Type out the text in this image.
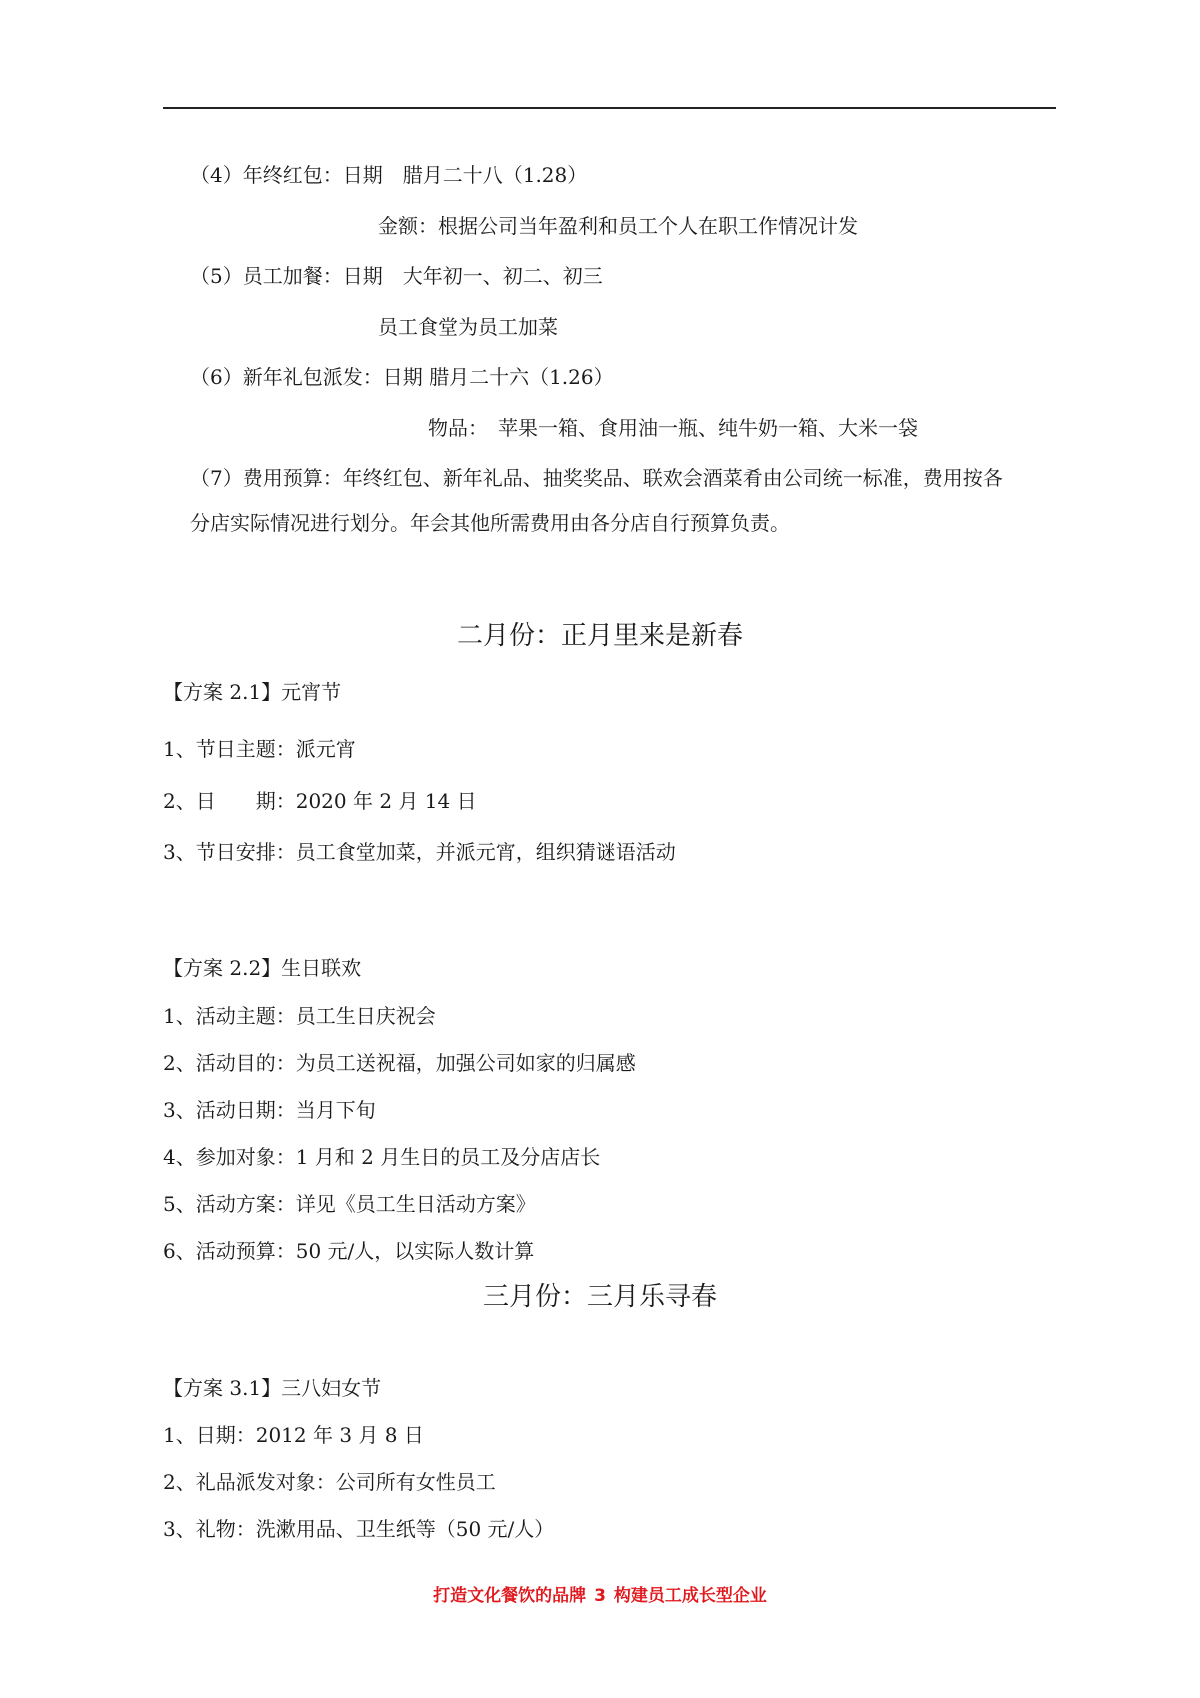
（4）年终红包：日期　腊月二十八（1.28）
金额：根据公司当年盈利和员工个人在职工作情况计发
（5）员工加餐：日期　大年初一、初二、初三
员工食堂为员工加菜
（6）新年礼包派发：日期 腊月二十六（1.26）
物品：　苹果一箱、食用油一瓶、纯牛奶一箱、大米一袋
（7）费用预算：年终红包、新年礼品、抽奖奖品、联欢会酒菜肴由公司统一标准，费用按各
分店实际情况进行划分。年会其他所需费用由各分店自行预算负责。
二月份：正月里来是新春
【方案 2.1】元宵节
1、节日主题：派元宵
2、日　　期：2020 年 2 月 14 日
3、节日安排：员工食堂加菜，并派元宵，组织猜谜语活动
【方案 2.2】生日联欢
1、活动主题：员工生日庆祝会
2、活动目的：为员工送祝福，加强公司如家的归属感
3、活动日期：当月下旬
4、参加对象：1 月和 2 月生日的员工及分店店长
5、活动方案：详见《员工生日活动方案》
6、活动预算：50 元/人，以实际人数计算
三月份：三月乐寻春
【方案 3.1】三八妇女节
1、日期：2012 年 3 月 8 日
2、礼品派发对象：公司所有女性员工
3、礼物：洗漱用品、卫生纸等（50 元/人）
打造文化餐饮的品牌 3 构建员工成长型企业
